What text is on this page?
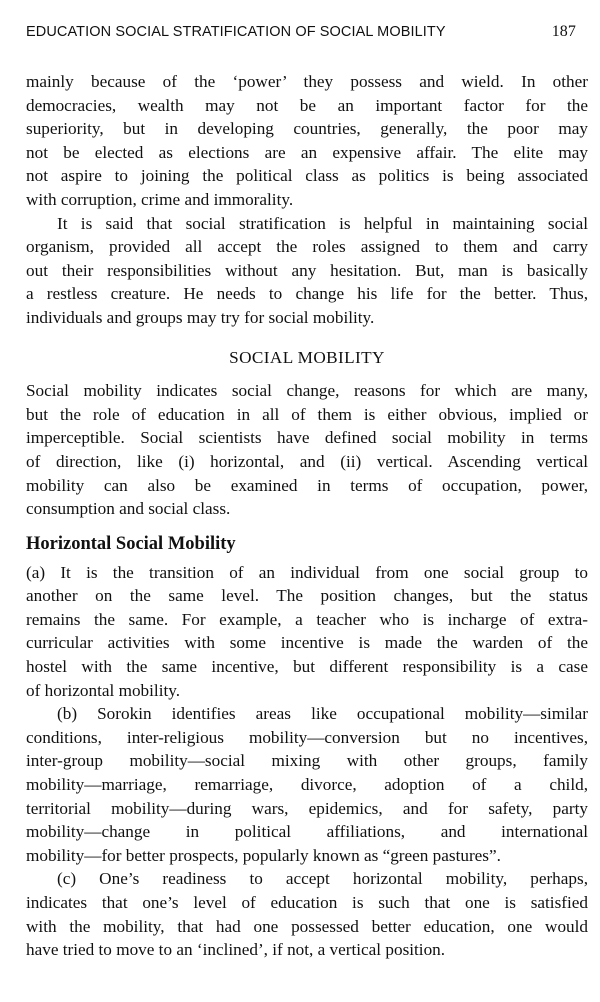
EDUCATION SOCIAL STRATIFICATION OF SOCIAL MOBILITY	187
mainly because of the ‘power’ they possess and wield. In other
democracies, wealth may not be an important factor for the
superiority, but in developing countries, generally, the poor may
not be elected as elections are an expensive affair. The elite may
not aspire to joining the political class as politics is being associated
with corruption, crime and immorality.
It is said that social stratification is helpful in maintaining social
organism, provided all accept the roles assigned to them and carry
out their responsibilities without any hesitation. But, man is basically
a restless creature. He needs to change his life for the better. Thus,
individuals and groups may try for social mobility.
SOCIAL MOBILITY
Social mobility indicates social change, reasons for which are many,
but the role of education in all of them is either obvious, implied or
imperceptible. Social scientists have defined social mobility in terms
of direction, like (i) horizontal, and (ii) vertical. Ascending vertical
mobility can also be examined in terms of occupation, power,
consumption and social class.
Horizontal Social Mobility
(a) It is the transition of an individual from one social group to
another on the same level. The position changes, but the status
remains the same. For example, a teacher who is incharge of extra-
curricular activities with some incentive is made the warden of the
hostel with the same incentive, but different responsibility is a case
of horizontal mobility.
(b) Sorokin identifies areas like occupational mobility—similar
conditions, inter-religious mobility—conversion but no incentives,
inter-group mobility—social mixing with other groups, family
mobility—marriage, remarriage, divorce, adoption of a child,
territorial mobility—during wars, epidemics, and for safety, party
mobility—change in political affiliations, and international
mobility—for better prospects, popularly known as “green pastures”.
(c) One’s readiness to accept horizontal mobility, perhaps,
indicates that one’s level of education is such that one is satisfied
with the mobility, that had one possessed better education, one would
have tried to move to an ‘inclined’, if not, a vertical position.
